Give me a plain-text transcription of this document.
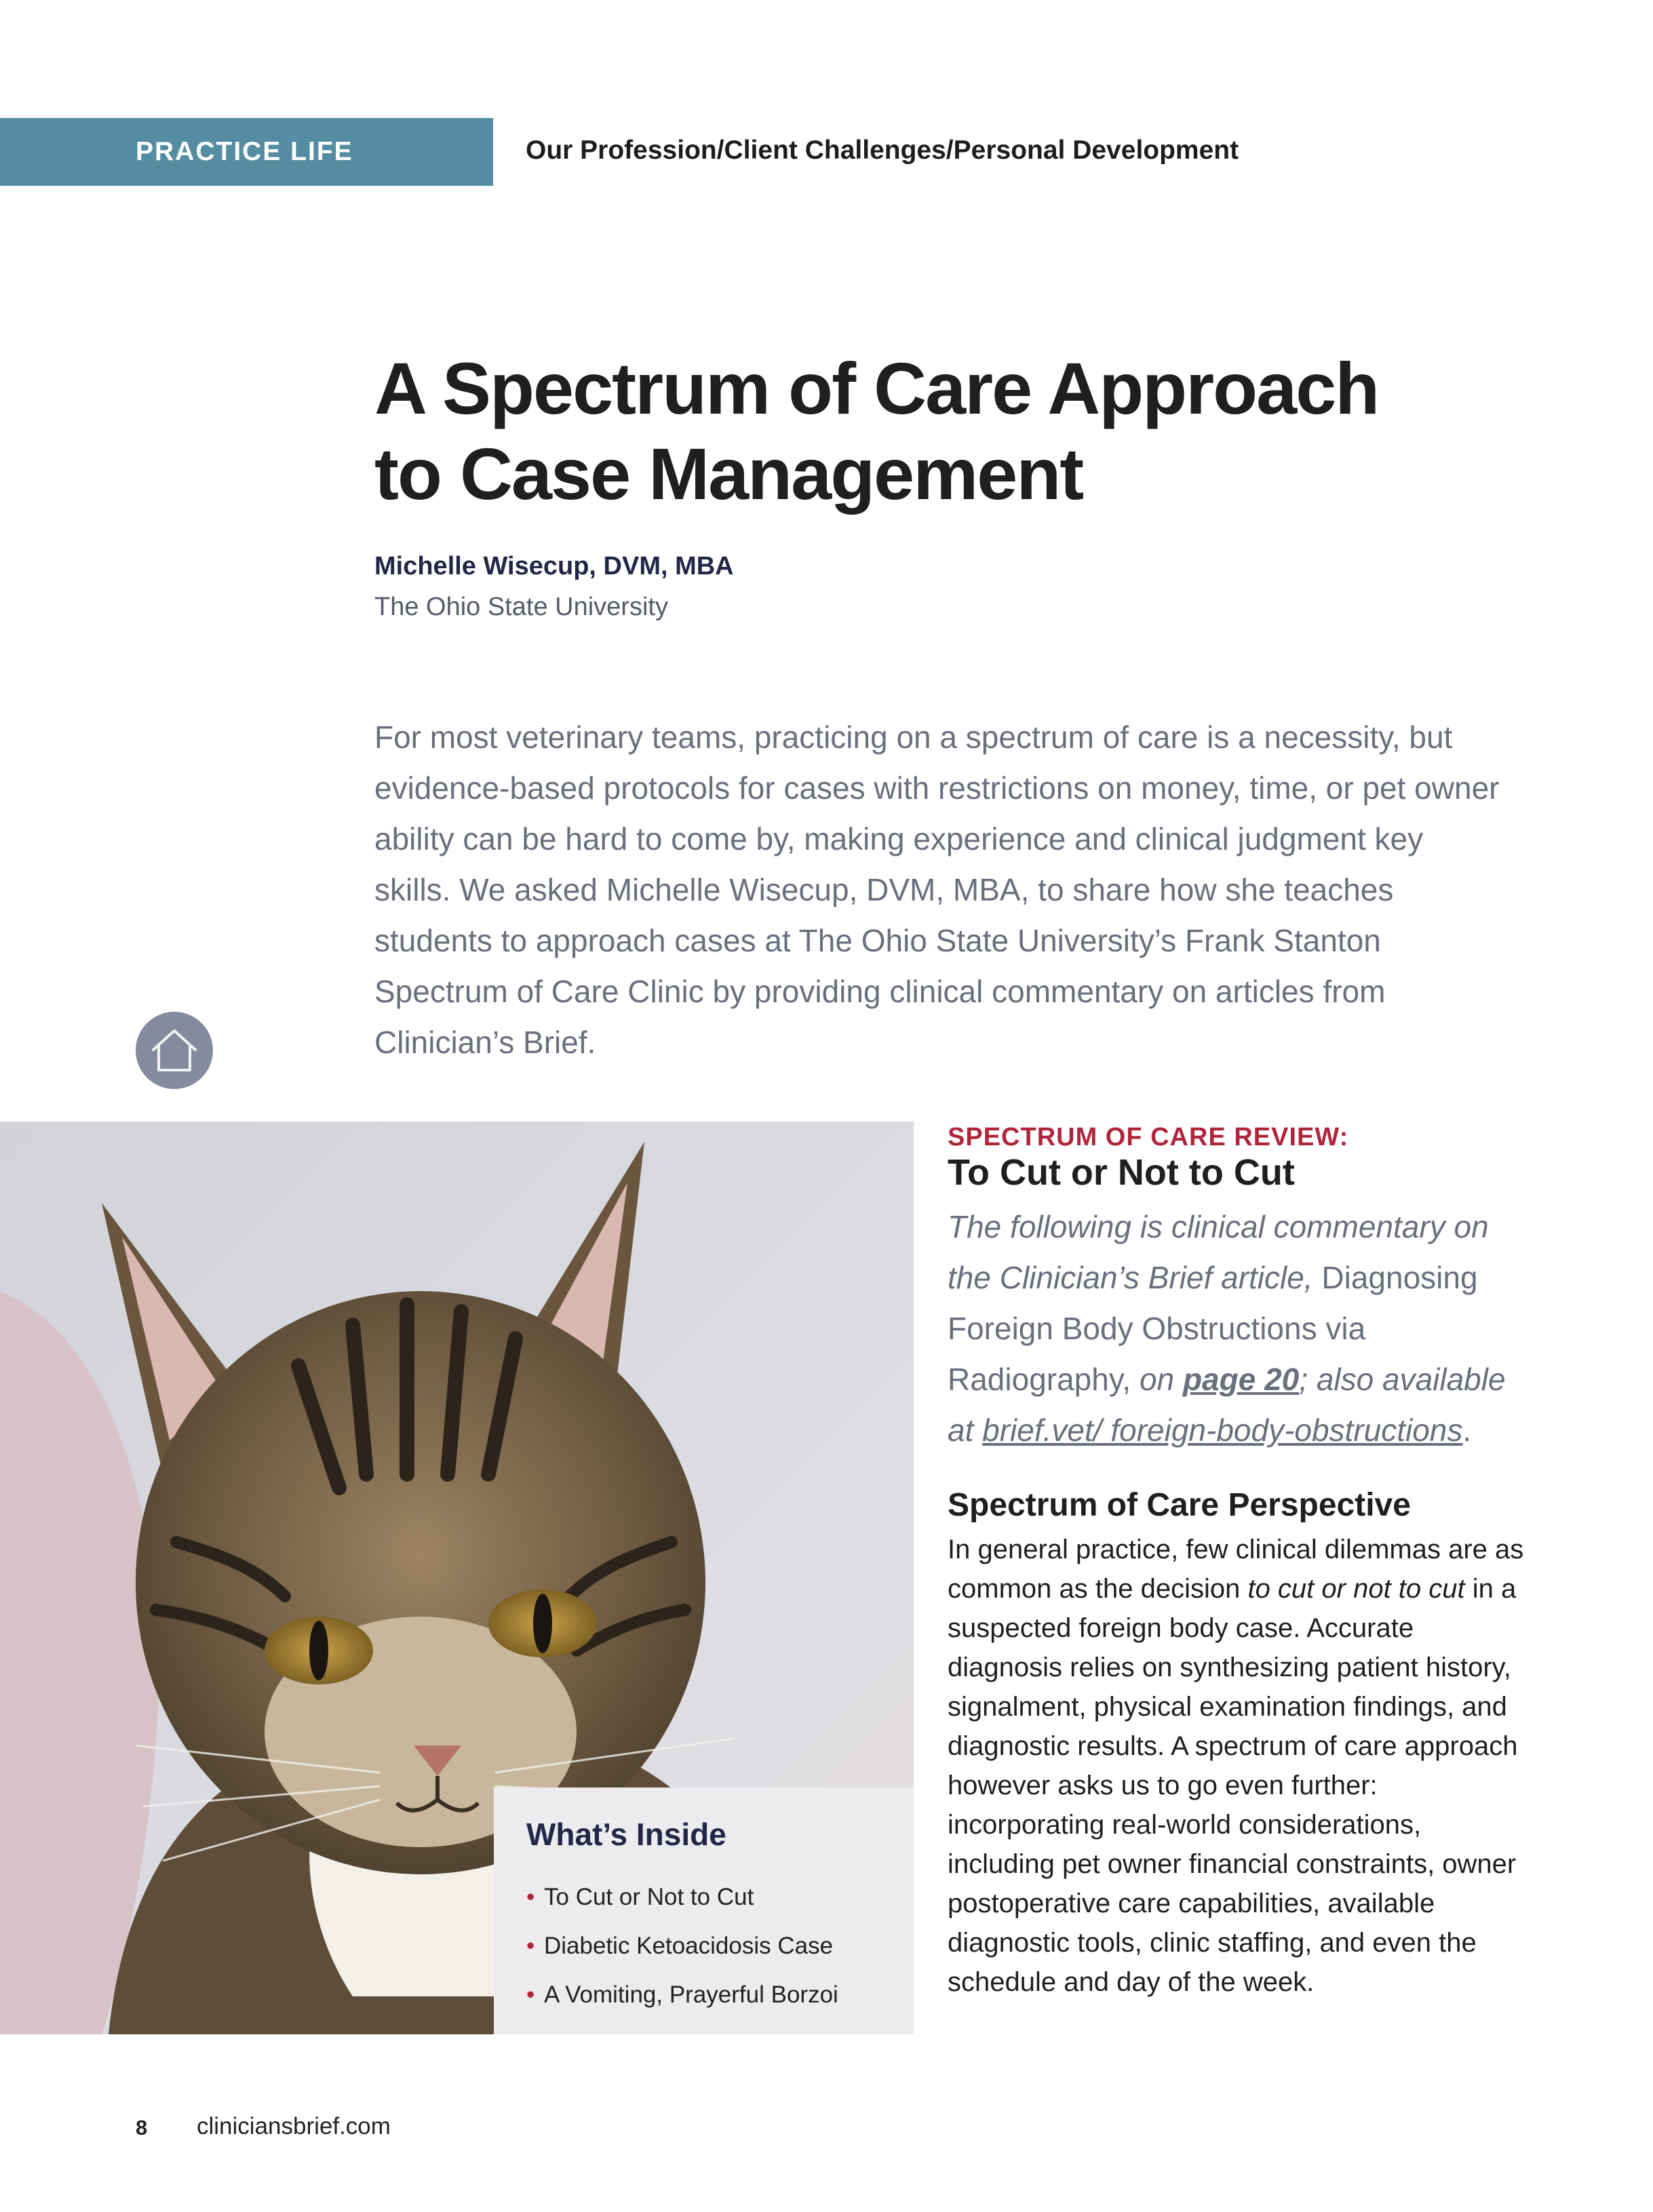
PRACTICE LIFE	Our Profession/Client Challenges/Personal Development
A Spectrum of Care Approach
to Case Management
Michelle Wisecup, DVM, MBA
The Ohio State University

For most veterinary teams, practicing on a spectrum of care is a necessity, but evidence-based protocols for cases with restrictions on money, time, or pet owner ability can be hard to come by, making experience and clinical judgment key skills. We asked Michelle Wisecup, DVM, MBA, to share how she teaches students to approach cases at The Ohio State University’s Frank Stanton Spectrum of Care Clinic by providing clinical commentary on articles from Clinician’s Brief.

What’s Inside
• To Cut or Not to Cut
• Diabetic Ketoacidosis Case
• A Vomiting, Prayerful Borzoi
SPECTRUM OF CARE REVIEW:
To Cut or Not to Cut

The following is clinical commentary on the Clinician’s Brief article, Diagnosing Foreign Body Obstructions via Radiography, on page 20; also available at brief.vet/ foreign-body-obstructions.

Spectrum of Care Perspective

In general practice, few clinical dilemmas are as common as the decision to cut or not to cut in a suspected foreign body case. Accurate diagnosis relies on synthesizing patient history, signalment, physical examination findings, and diagnostic results. A spectrum of care approach however asks us to go even further: incorporating real-world considerations, including pet owner financial constraints, owner postoperative care capabilities, available diagnostic tools, clinic staffing, and even the schedule and day of the week.

8 cliniciansbrief.com
